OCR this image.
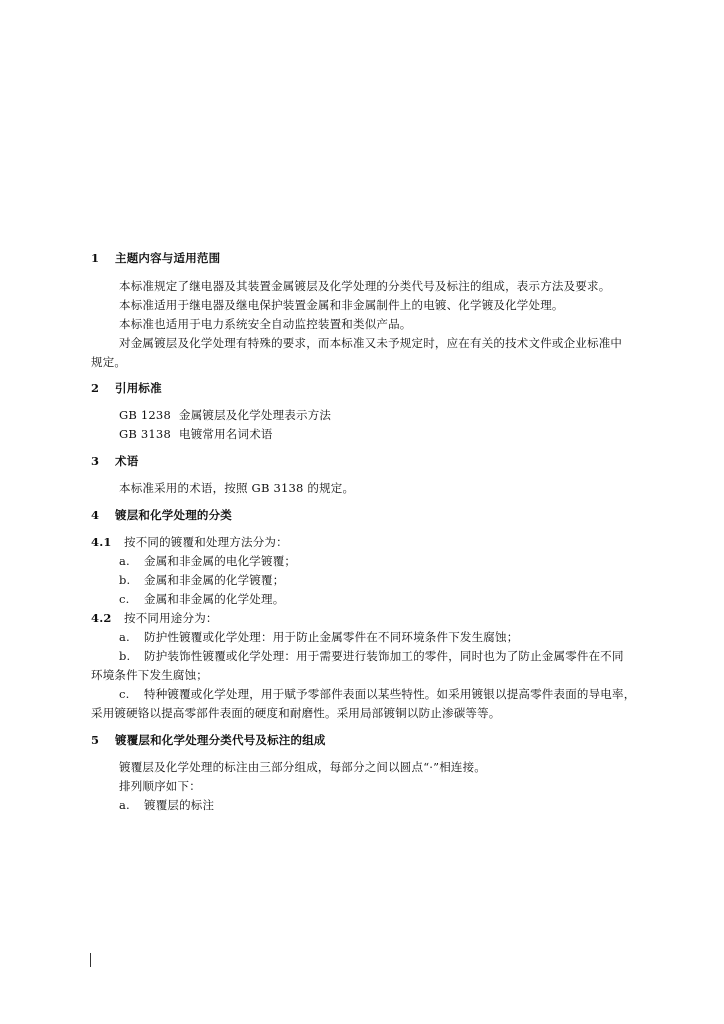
1 主题内容与适用范围
本标准规定了继电器及其装置金属镀层及化学处理的分类代号及标注的组成，表示方法及要求。
本标准适用于继电器及继电保护装置金属和非金属制件上的电镀、化学镀及化学处理。
本标准也适用于电力系统安全自动监控装置和类似产品。
对金属镀层及化学处理有特殊的要求，而本标准又未予规定时，应在有关的技术文件或企业标准中
规定。
2 引用标准
GB 1238 金属镀层及化学处理表示方法
GB 3138 电镀常用名词术语
3 术语
本标准采用的术语，按照 GB 3138 的规定。
4 镀层和化学处理的分类
4.1 按不同的镀覆和处理方法分为：
a. 金属和非金属的电化学镀覆；
b. 金属和非金属的化学镀覆；
c. 金属和非金属的化学处理。
4.2 按不同用途分为：
a. 防护性镀覆或化学处理：用于防止金属零件在不同环境条件下发生腐蚀；
b. 防护装饰性镀覆或化学处理：用于需要进行装饰加工的零件，同时也为了防止金属零件在不同
环境条件下发生腐蚀；
c. 特种镀覆或化学处理，用于赋予零部件表面以某些特性。如采用镀银以提高零件表面的导电率，
采用镀硬铬以提高零部件表面的硬度和耐磨性。采用局部镀铜以防止渗碳等等。
5 镀覆层和化学处理分类代号及标注的组成
镀覆层及化学处理的标注由三部分组成，每部分之间以圆点“·”相连接。
排列顺序如下：
a. 镀覆层的标注
